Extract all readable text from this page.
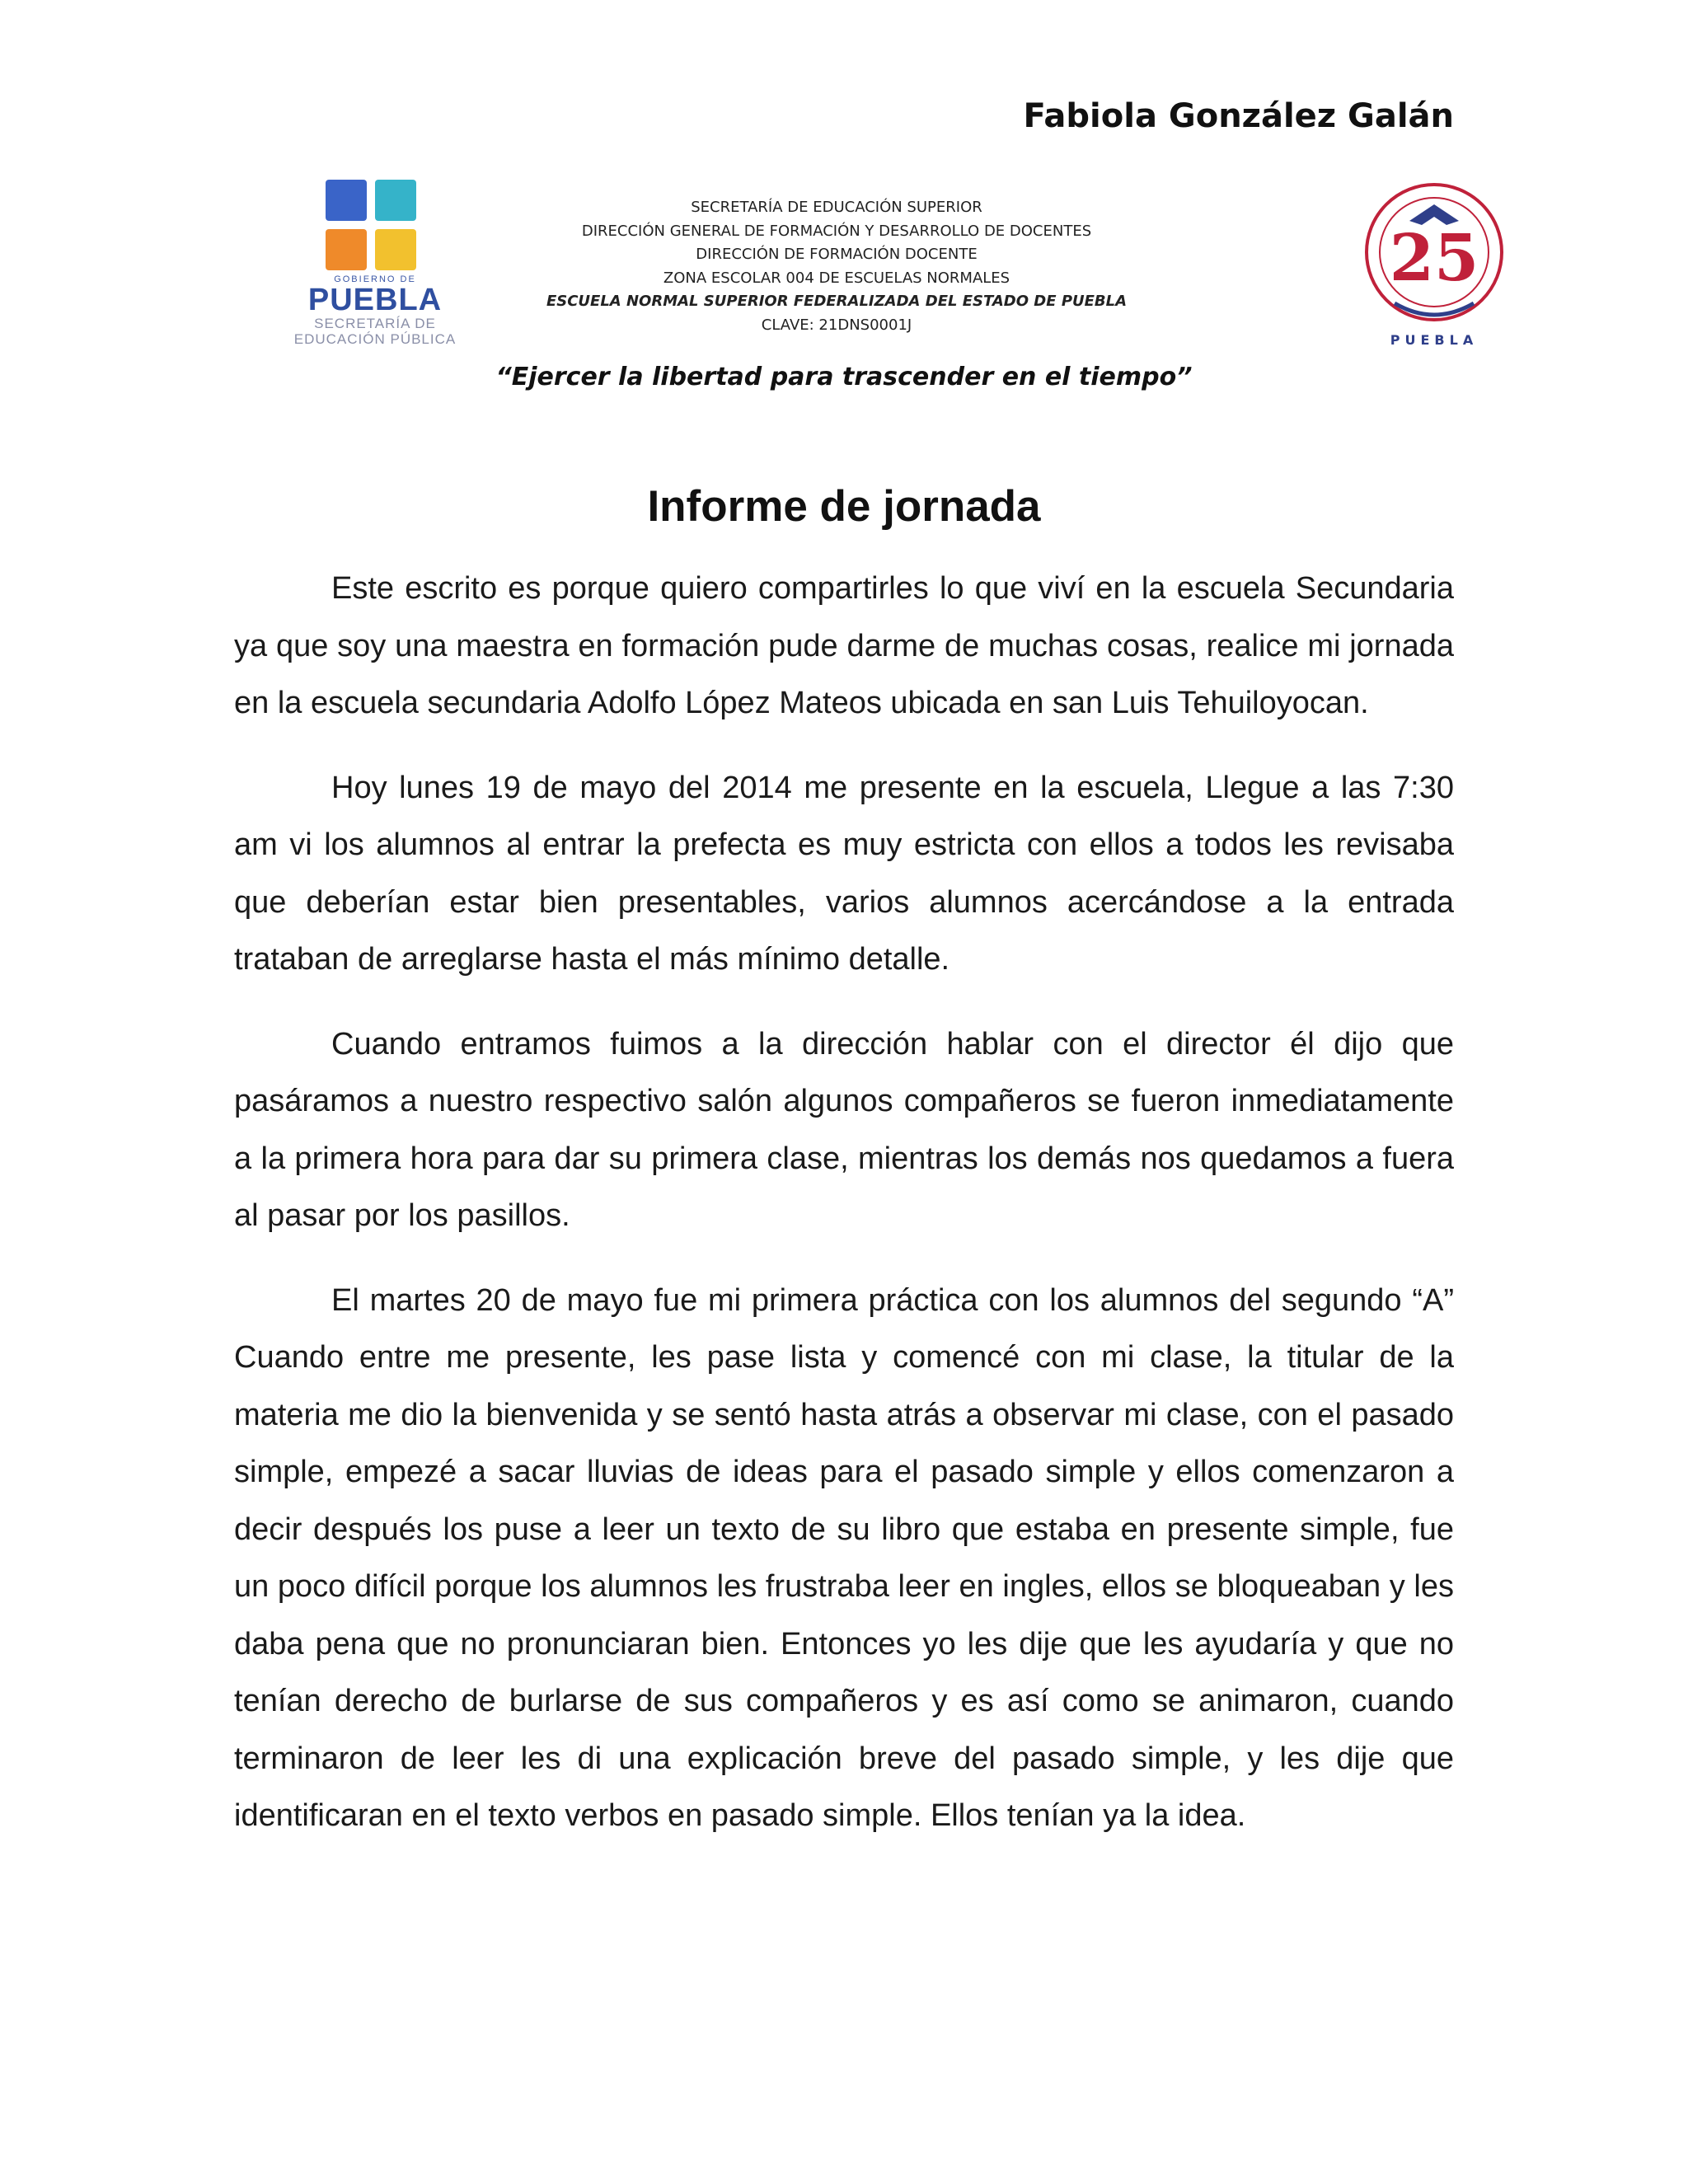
Fabiola González Galán
GOBIERNO DE
PUEBLA
SECRETARÍA DE
EDUCACIÓN PÚBLICA
SECRETARÍA DE EDUCACIÓN SUPERIOR
DIRECCIÓN GENERAL DE FORMACIÓN Y DESARROLLO DE DOCENTES
DIRECCIÓN DE FORMACIÓN DOCENTE
ZONA ESCOLAR 004 DE ESCUELAS NORMALES
ESCUELA NORMAL SUPERIOR FEDERALIZADA DEL ESTADO DE PUEBLA
CLAVE: 21DNS0001J
25
PUEBLA
“Ejercer la libertad para trascender en el tiempo”
Informe de jornada

Este escrito es porque quiero compartirles lo que viví en la escuela Secundaria ya que soy una maestra en formación pude darme de muchas cosas, realice mi jornada en la escuela secundaria Adolfo López Mateos ubicada en san Luis Tehuiloyocan.

Hoy lunes 19 de mayo del 2014 me presente en la escuela, Llegue a las 7:30 am vi los alumnos al entrar la prefecta es muy estricta con ellos a todos les revisaba que deberían estar bien presentables, varios alumnos acercándose a la entrada trataban de arreglarse hasta el más mínimo detalle.

Cuando entramos fuimos a la dirección hablar con el director él dijo que pasáramos a nuestro respectivo salón algunos compañeros se fueron inmediatamente a la primera hora para dar su primera clase, mientras los demás nos quedamos a fuera al pasar por los pasillos.

El martes 20 de mayo fue mi primera práctica con los alumnos del segundo “A” Cuando entre me presente, les pase lista y comencé con mi clase, la titular de la materia me dio la bienvenida y se sentó hasta atrás a observar mi clase, con el pasado simple, empezé a sacar lluvias de ideas para el pasado simple y ellos comenzaron a decir después los puse a leer un texto de su libro que estaba en presente simple, fue un poco difícil porque los alumnos les frustraba leer en ingles, ellos se bloqueaban y les daba pena que no pronunciaran bien. Entonces yo les dije que les ayudaría y que no tenían derecho de burlarse de sus compañeros y es así como se animaron, cuando terminaron de leer les di una explicación breve del pasado simple, y les dije que identificaran en el texto verbos en pasado simple. Ellos tenían ya la idea.
